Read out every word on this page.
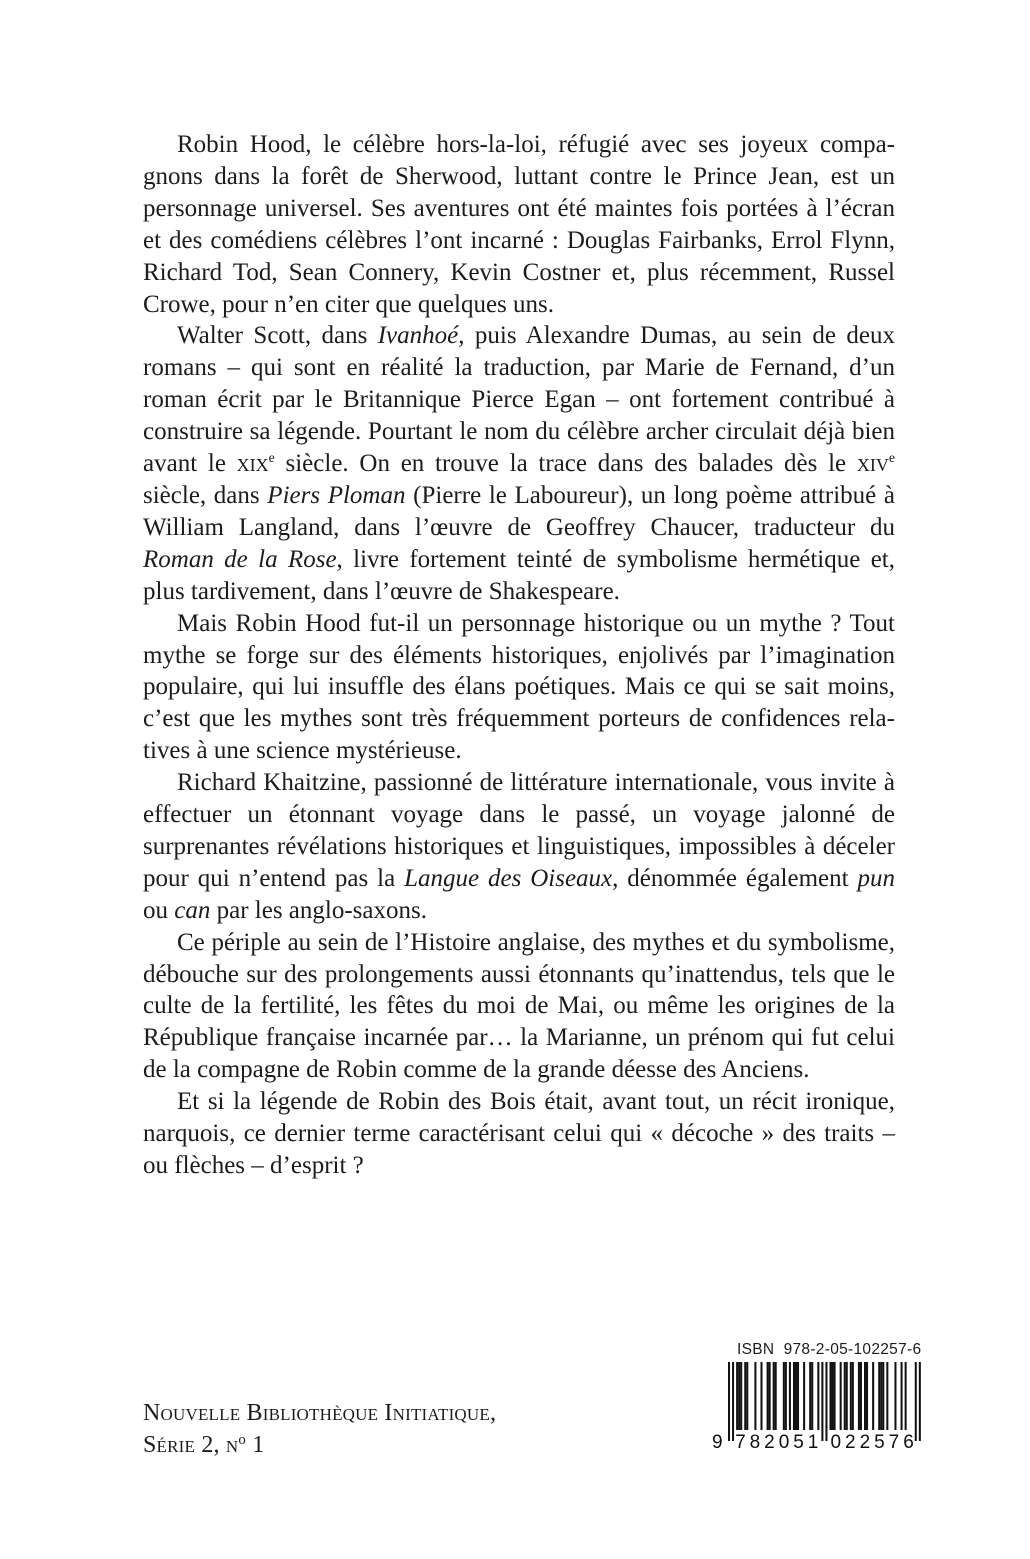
Robin Hood, le célèbre hors-la-loi, réfugié avec ses joyeux compagnons dans la forêt de Sherwood, luttant contre le Prince Jean, est un personnage universel. Ses aventures ont été maintes fois portées à l’écran et des comédiens célèbres l’ont incarné : Douglas Fairbanks, Errol Flynn, Richard Tod, Sean Connery, Kevin Costner et, plus récemment, Russel Crowe, pour n’en citer que quelques uns.

Walter Scott, dans Ivanhoé, puis Alexandre Dumas, au sein de deux romans – qui sont en réalité la traduction, par Marie de Fernand, d’un roman écrit par le Britannique Pierce Egan – ont fortement contribué à construire sa légende. Pourtant le nom du célèbre archer circulait déjà bien avant le xix$^e$ siècle. On en trouve la trace dans des balades dès le xiv$^e$ siècle, dans Piers Ploman (Pierre le Laboureur), un long poème attribué à William Langland, dans l’œuvre de Geoffrey Chaucer, traducteur du Roman de la Rose, livre fortement teinté de symbolisme hermétique et, plus tardivement, dans l’œuvre de Shakespeare.

Mais Robin Hood fut-il un personnage historique ou un mythe ? Tout mythe se forge sur des éléments historiques, enjolivés par l’imagination populaire, qui lui insuffle des élans poétiques. Mais ce qui se sait moins, c’est que les mythes sont très fréquemment porteurs de confidences relatives à une science mystérieuse.

Richard Khaitzine, passionné de littérature internationale, vous invite à effectuer un étonnant voyage dans le passé, un voyage jalonné de surprenantes révélations historiques et linguistiques, impossibles à déceler pour qui n’entend pas la Langue des Oiseaux, dénommée également pun ou can par les anglo-saxons.

Ce périple au sein de l’Histoire anglaise, des mythes et du symbolisme, débouche sur des prolongements aussi étonnants qu’inattendus, tels que le culte de la fertilité, les fêtes du moi de Mai, ou même les origines de la République française incarnée par… la Marianne, un prénom qui fut celui de la compagne de Robin comme de la grande déesse des Anciens.

Et si la légende de Robin des Bois était, avant tout, un récit ironique, narquois, ce dernier terme caractérisant celui qui « décoche » des traits – ou flèches – d’esprit ?

Nouvelle Bibliothèque Initiatique,
Série 2, $n^o$ 1	9 782051 022576
ISBN  978-2-05-102257-6
